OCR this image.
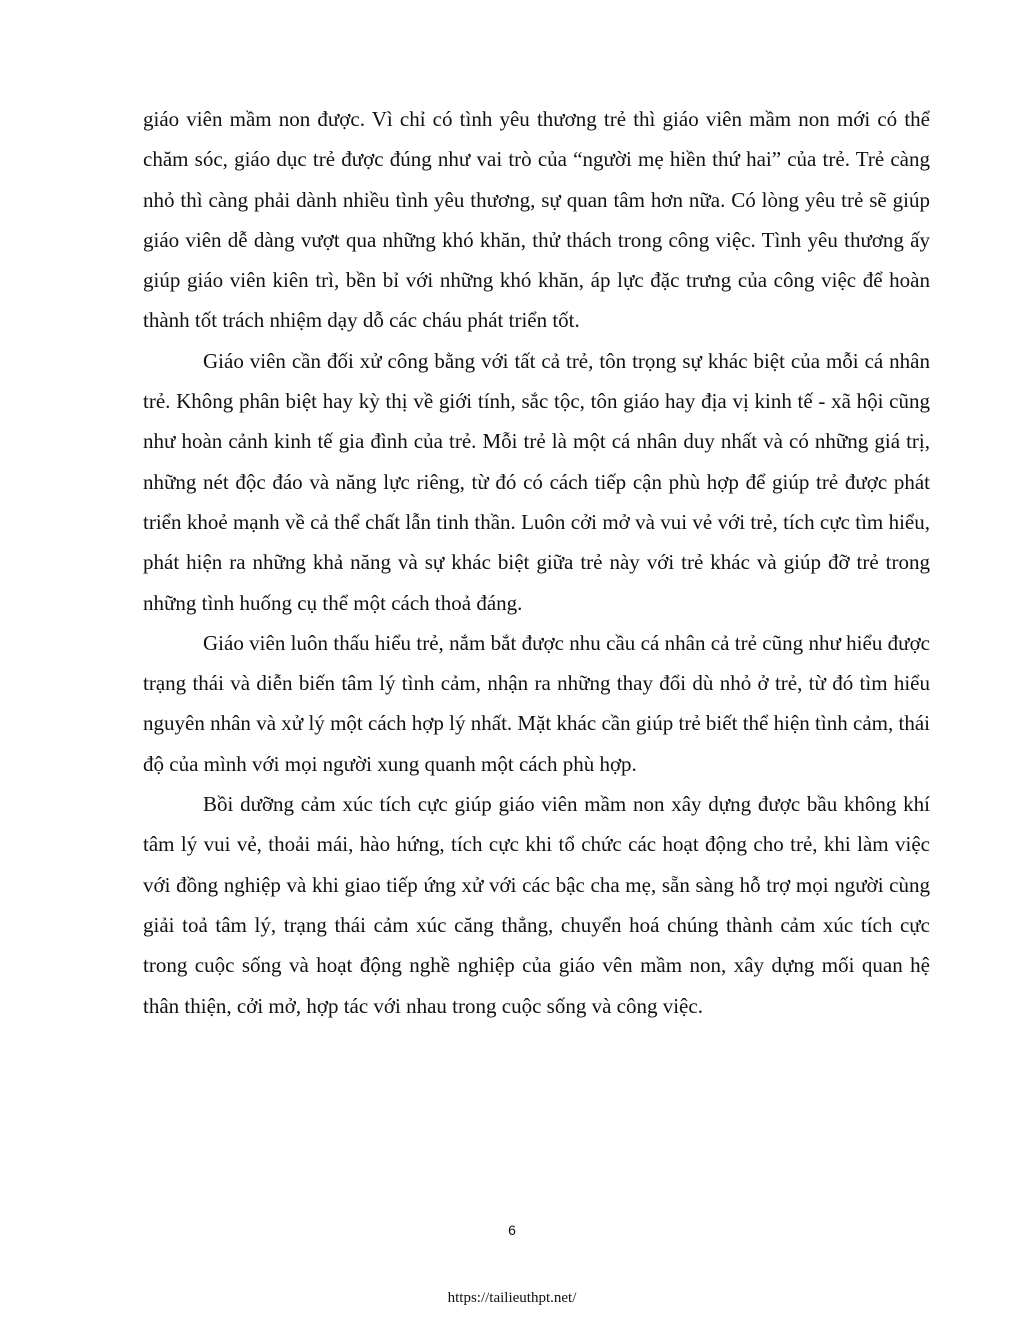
giáo viên mầm non được. Vì chỉ có tình yêu thương trẻ thì giáo viên mầm non mới có thể chăm sóc, giáo dục trẻ được đúng như vai trò của “người mẹ hiền thứ hai” của trẻ. Trẻ càng nhỏ thì càng phải dành nhiều tình yêu thương, sự quan tâm hơn nữa. Có lòng yêu trẻ sẽ giúp giáo viên dễ dàng vượt qua những khó khăn, thử thách trong công việc. Tình yêu thương ấy giúp giáo viên kiên trì, bền bỉ với những khó khăn, áp lực đặc trưng của công việc để hoàn thành tốt trách nhiệm dạy dỗ các cháu phát triển tốt.

Giáo viên cần đối xử công bằng với tất cả trẻ, tôn trọng sự khác biệt của mỗi cá nhân trẻ. Không phân biệt hay kỳ thị về giới tính, sắc tộc, tôn giáo hay địa vị kinh tế - xã hội cũng như hoàn cảnh kinh tế gia đình của trẻ. Mỗi trẻ là một cá nhân duy nhất và có những giá trị, những nét độc đáo và năng lực riêng, từ đó có cách tiếp cận phù hợp để giúp trẻ được phát triển khoẻ mạnh về cả thể chất lẫn tinh thần. Luôn cởi mở và vui vẻ với trẻ, tích cực tìm hiểu, phát hiện ra những khả năng và sự khác biệt giữa trẻ này với trẻ khác và giúp đỡ trẻ trong những tình huống cụ thể một cách thoả đáng.

Giáo viên luôn thấu hiểu trẻ, nắm bắt được nhu cầu cá nhân cả trẻ cũng như hiểu được trạng thái và diễn biến tâm lý tình cảm, nhận ra những thay đổi dù nhỏ ở trẻ, từ đó tìm hiểu nguyên nhân và xử lý một cách hợp lý nhất. Mặt khác cần giúp trẻ biết thể hiện tình cảm, thái độ của mình với mọi người xung quanh một cách phù hợp.

Bồi dưỡng cảm xúc tích cực giúp giáo viên mầm non xây dựng được bầu không khí tâm lý vui vẻ, thoải mái, hào hứng, tích cực khi tổ chức các hoạt động cho trẻ, khi làm việc với đồng nghiệp và khi giao tiếp ứng xử với các bậc cha mẹ, sẵn sàng hỗ trợ mọi người cùng giải toả tâm lý, trạng thái cảm xúc căng thẳng, chuyển hoá chúng thành cảm xúc tích cực trong cuộc sống và hoạt động nghề nghiệp của giáo vên mầm non, xây dựng mối quan hệ thân thiện, cởi mở, hợp tác với nhau trong cuộc sống và công việc.

6
https://tailieuthpt.net/
